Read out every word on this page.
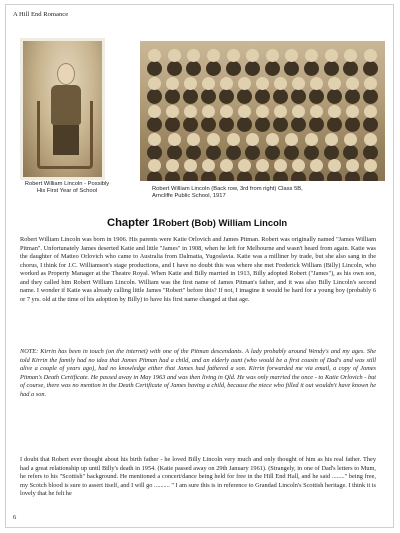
A Hill End Romance
Robert William Lincoln - Possibly His First Year of School	Robert William Lincoln (Back row, 3rd from right) Class 5B, Arncliffe Public School, 1917
Chapter 1Robert (Bob) William Lincoln

Robert William Lincoln was born in 1906. His parents were Katie Orlovich and James Pitman. Robert was originally named "James William Pitman". Unfortunately James deserted Katie and little "James" in 1908, when he left for Melbourne and wasn't heard from again. Katie was the daughter of Matteo Orlovich who came to Australia from Dalmatia, Yugoslavia. Katie was a milliner by trade, but she also sang in the chorus, I think for J.C. Williamson's stage productions, and I have no doubt this was where she met Frederick William (Billy) Lincoln, who worked as Property Manager at the Theatre Royal. When Katie and Billy married in 1913, Billy adopted Robert ("James"), as his own son, and they called him Robert William Lincoln. William was the first name of James Pitman's father, and it was also Billy Lincoln's second name. I wonder if Katie was already calling little James "Robert" before this? If not, I imagine it would be hard for a young boy (probably 6 or 7 yrs. old at the time of his adoption by Billy) to have his first name changed at that age.

NOTE: Kirrin has been in touch (on the internet) with one of the Pitman descendants. A lady probably around Wendy's and my ages. She told Kirrin the family had no idea that James Pitman had a child, and an elderly aunt (who would be a first cousin of Dad's and was still alive a couple of years ago), had no knowledge either that James had fathered a son. Kirrin forwarded me via email, a copy of James Pitman's Death Certificate. He passed away in May 1963 and was then living in Qld. He was only married the once - to Katie Orlovich - but of course, there was no mention in the Death Certificate of James having a child, because the niece who filled it out wouldn't have known he had a son.

I doubt that Robert ever thought about his birth father - he loved Billy Lincoln very much and only thought of him as his real father. They had a great relationship up until Billy's death in 1954. (Katie passed away on 29th January 1961). (Strangely, in one of Dad's letters to Mum, he refers to his "Scottish" background. He mentioned a concert/dance being held for free in the Hill End Hall, and he said ........" being free, my Scotch blood is sure to assert itself, and I will go .......... " I am sure this is in reference to Grandad Lincoln's Scottish heritage. I think it is lovely that he felt he

6
